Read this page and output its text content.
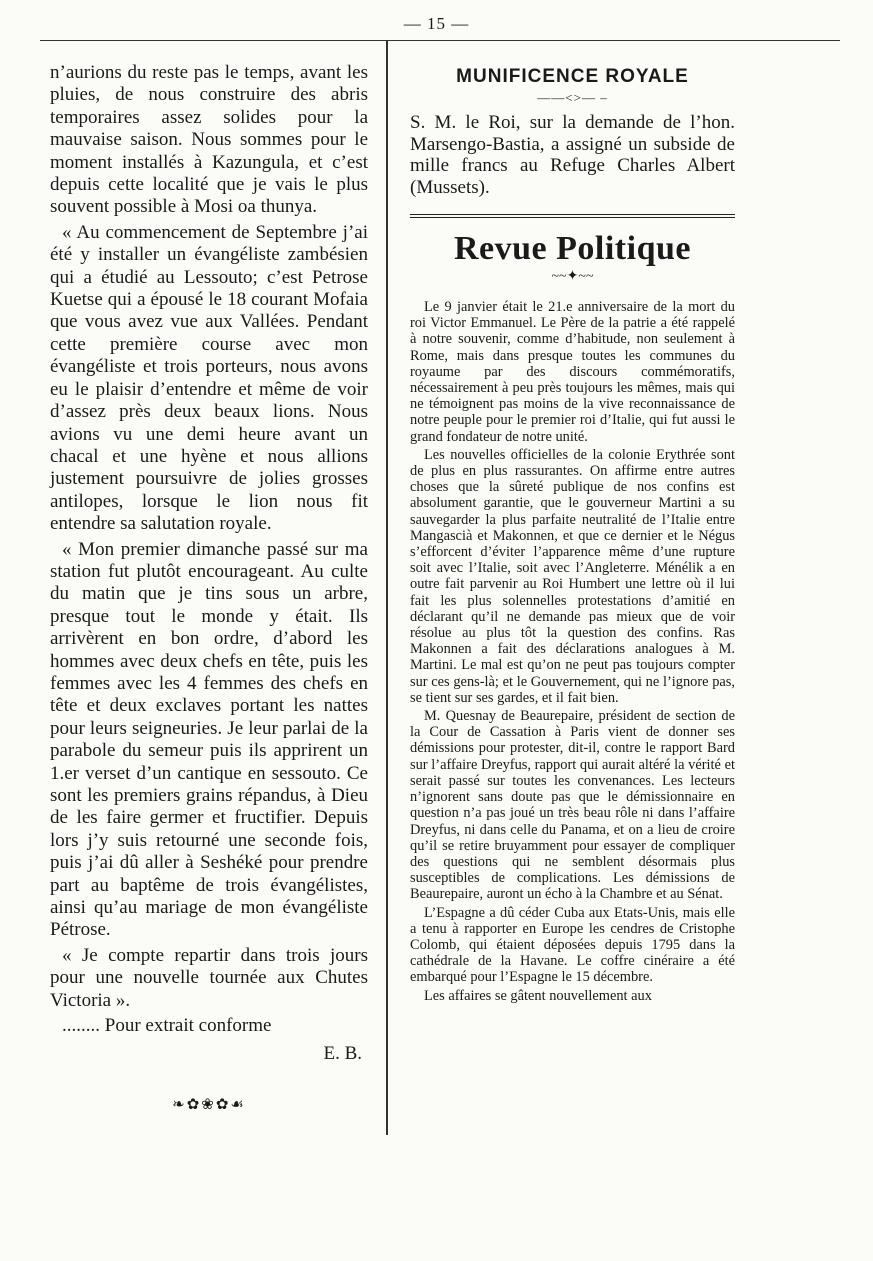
— 15 —

n’aurions du reste pas le temps, avant les pluies, de nous construire des abris temporaires assez solides pour la mauvaise saison. Nous sommes pour le moment installés à Kazungula, et c’est depuis cette localité que je vais le plus souvent possible à Mosi oa thunya.

« Au commencement de Septembre j’ai été y installer un évangéliste zambésien qui a étudié au Lessouto; c’est Petrose Kuetse qui a épousé le 18 courant Mofaia que vous avez vue aux Vallées. Pendant cette première course avec mon évangéliste et trois porteurs, nous avons eu le plaisir d’entendre et même de voir d’assez près deux beaux lions. Nous avions vu une demi heure avant un chacal et une hyène et nous allions justement poursuivre de jolies grosses antilopes, lorsque le lion nous fit entendre sa salutation royale.

« Mon premier dimanche passé sur ma station fut plutôt encourageant. Au culte du matin que je tins sous un arbre, presque tout le monde y était. Ils arrivèrent en bon ordre, d’abord les hommes avec deux chefs en tête, puis les femmes avec les 4 femmes des chefs en tête et deux exclaves portant les nattes pour leurs seigneuries. Je leur parlai de la parabole du semeur puis ils apprirent un 1.er verset d’un cantique en sessouto. Ce sont les premiers grains répandus, à Dieu de les faire germer et fructifier. Depuis lors j’y suis retourné une seconde fois, puis j’ai dû aller à Seshéké pour prendre part au baptême de trois évangélistes, ainsi qu’au mariage de mon évangéliste Pétrose.

« Je compte repartir dans trois jours pour une nouvelle tournée aux Chutes Victoria ».

........ Pour extrait conforme

E. B.

❧✿❀✿☙

MUNIFICENCE ROYALE
——<>— ‒

S. M. le Roi, sur la demande de l’hon. Marsengo-Bastia, a assigné un subside de mille francs au Refuge Charles Albert (Mussets).

Revue Politique
~~✦~~

Le 9 janvier était le 21.e anniversaire de la mort du roi Victor Emmanuel. Le Père de la patrie a été rappelé à notre souvenir, comme d’habitude, non seulement à Rome, mais dans presque toutes les communes du royaume par des discours commémoratifs, nécessairement à peu près toujours les mêmes, mais qui ne témoignent pas moins de la vive reconnaissance de notre peuple pour le premier roi d’Italie, qui fut aussi le grand fondateur de notre unité.

Les nouvelles officielles de la colonie Erythrée sont de plus en plus rassurantes. On affirme entre autres choses que la sûreté publique de nos confins est absolument garantie, que le gouverneur Martini a su sauvegarder la plus parfaite neutralité de l’Italie entre Mangascià et Makonnen, et que ce dernier et le Négus s’efforcent d’éviter l’apparence même d’une rupture soit avec l’Italie, soit avec l’Angleterre. Ménélik a en outre fait parvenir au Roi Humbert une lettre où il lui fait les plus solennelles protestations d’amitié en déclarant qu’il ne demande pas mieux que de voir résolue au plus tôt la question des confins. Ras Makonnen a fait des déclarations analogues à M. Martini. Le mal est qu’on ne peut pas toujours compter sur ces gens-là; et le Gouvernement, qui ne l’ignore pas, se tient sur ses gardes, et il fait bien.

M. Quesnay de Beaurepaire, président de section de la Cour de Cassation à Paris vient de donner ses démissions pour protester, dit-il, contre le rapport Bard sur l’affaire Dreyfus, rapport qui aurait altéré la vérité et serait passé sur toutes les convenances. Les lecteurs n’ignorent sans doute pas que le démissionnaire en question n’a pas joué un très beau rôle ni dans l’affaire Dreyfus, ni dans celle du Panama, et on a lieu de croire qu’il se retire bruyamment pour essayer de compliquer des questions qui ne semblent désormais plus susceptibles de complications. Les démissions de Beaurepaire, auront un écho à la Chambre et au Sénat.

L’Espagne a dû céder Cuba aux Etats-Unis, mais elle a tenu à rapporter en Europe les cendres de Cristophe Colomb, qui étaient déposées depuis 1795 dans la cathédrale de la Havane. Le coffre cinéraire a été embarqué pour l’Espagne le 15 décembre.

Les affaires se gâtent nouvellement aux
